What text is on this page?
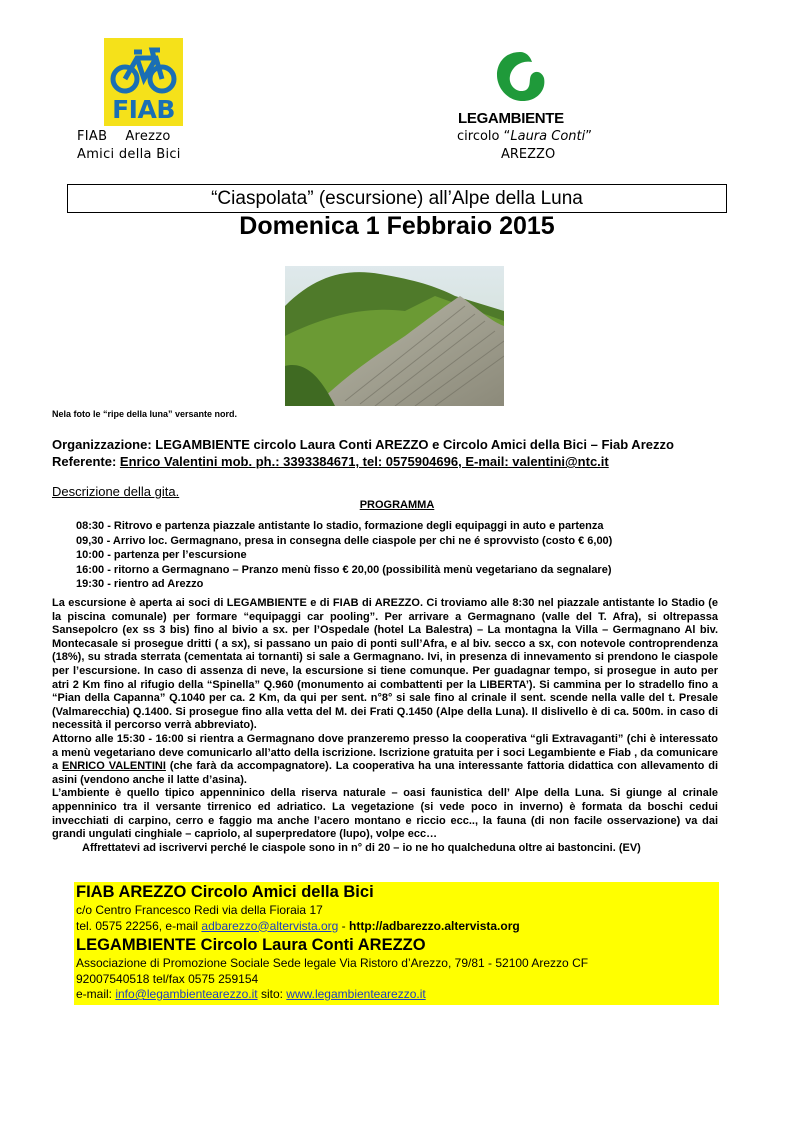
FIAB
FIAB Arezzo
Amici della Bici
LEGAMBIENTE
circolo “Laura Conti”
AREZZO
“Ciaspolata” (escursione) all’Alpe della Luna
Domenica 1 Febbraio 2015
Nela foto le “ripe della luna” versante nord.
Organizzazione: LEGAMBIENTE circolo Laura Conti AREZZO e Circolo Amici della Bici – Fiab Arezzo
Referente: Enrico Valentini mob. ph.: 3393384671, tel: 0575904696, E-mail: valentini@ntc.it
Descrizione della gita.
PROGRAMMA
08:30 - Ritrovo e partenza piazzale antistante lo stadio, formazione degli equipaggi in auto e partenza
09,30 - Arrivo loc. Germagnano, presa in consegna delle ciaspole per chi ne é sprovvisto (costo € 6,00)
10:00 - partenza per l’escursione
16:00 - ritorno a Germagnano – Pranzo menù fisso € 20,00 (possibilità menù vegetariano da segnalare)
19:30 - rientro ad Arezzo

La escursione è aperta ai soci di LEGAMBIENTE e di FIAB di AREZZO. Ci troviamo alle 8:30 nel piazzale antistante lo Stadio (e la piscina comunale) per formare “equipaggi car pooling”. Per arrivare a Germagnano (valle del T. Afra), si oltrepassa Sansepolcro (ex ss 3 bis) fino al bivio a sx. per l’Ospedale (hotel La Balestra) – La montagna la Villa – Germagnano Al biv. Montecasale si prosegue dritti ( a sx), si passano un paio di ponti sull’Afra, e al biv. secco a sx, con notevole controprendenza (18%), su strada sterrata (cementata ai tornanti) si sale a Germagnano. Ivi, in presenza di innevamento si prendono le ciaspole per l’escursione. In caso di assenza di neve, la escursione si tiene comunque. Per guadagnar tempo, si prosegue in auto per atri 2 Km fino al rifugio della “Spinella” Q.960 (monumento ai combattenti per la LIBERTA’). Si cammina per lo stradello fino a “Pian della Capanna” Q.1040 per ca. 2 Km, da qui per sent. n°8° si sale fino al crinale il sent. scende nella valle del t. Presale (Valmarecchia) Q.1400. Si prosegue fino alla vetta del M. dei Frati Q.1450 (Alpe della Luna). Il dislivello è di ca. 500m. in caso di necessità il percorso verrà abbreviato).

Attorno alle 15:30 - 16:00 si rientra a Germagnano dove pranzeremo presso la cooperativa “gli Extravaganti” (chi è interessato a menù vegetariano deve comunicarlo all’atto della iscrizione. Iscrizione gratuita per i soci Legambiente e Fiab , da comunicare a ENRICO VALENTINI (che farà da accompagnatore). La cooperativa ha una interessante fattoria didattica con allevamento di asini (vendono anche il latte d’asina).

L’ambiente è quello tipico appenninico della riserva naturale – oasi faunistica dell’ Alpe della Luna. Si giunge al crinale appenninico tra il versante tirrenico ed adriatico. La vegetazione (si vede poco in inverno) è formata da boschi cedui invecchiati di carpino, cerro e faggio ma anche l’acero montano e riccio ecc.., la fauna (di non facile osservazione) va dai grandi ungulati cinghiale – capriolo, al superpredatore (lupo), volpe ecc…

Affrettatevi ad iscrivervi perché le ciaspole sono in n° di 20 – io ne ho qualcheduna oltre ai bastoncini. (EV)

FIAB AREZZO Circolo Amici della Bici
c/o Centro Francesco Redi via della Fioraia 17
tel. 0575 22256, e-mail adbarezzo@altervista.org - http://adbarezzo.altervista.org
LEGAMBIENTE Circolo Laura Conti AREZZO
Associazione di Promozione Sociale Sede legale Via Ristoro d’Arezzo, 79/81 - 52100 Arezzo CF
92007540518 tel/fax 0575 259154
e-mail: info@legambientearezzo.it sito: www.legambientearezzo.it
